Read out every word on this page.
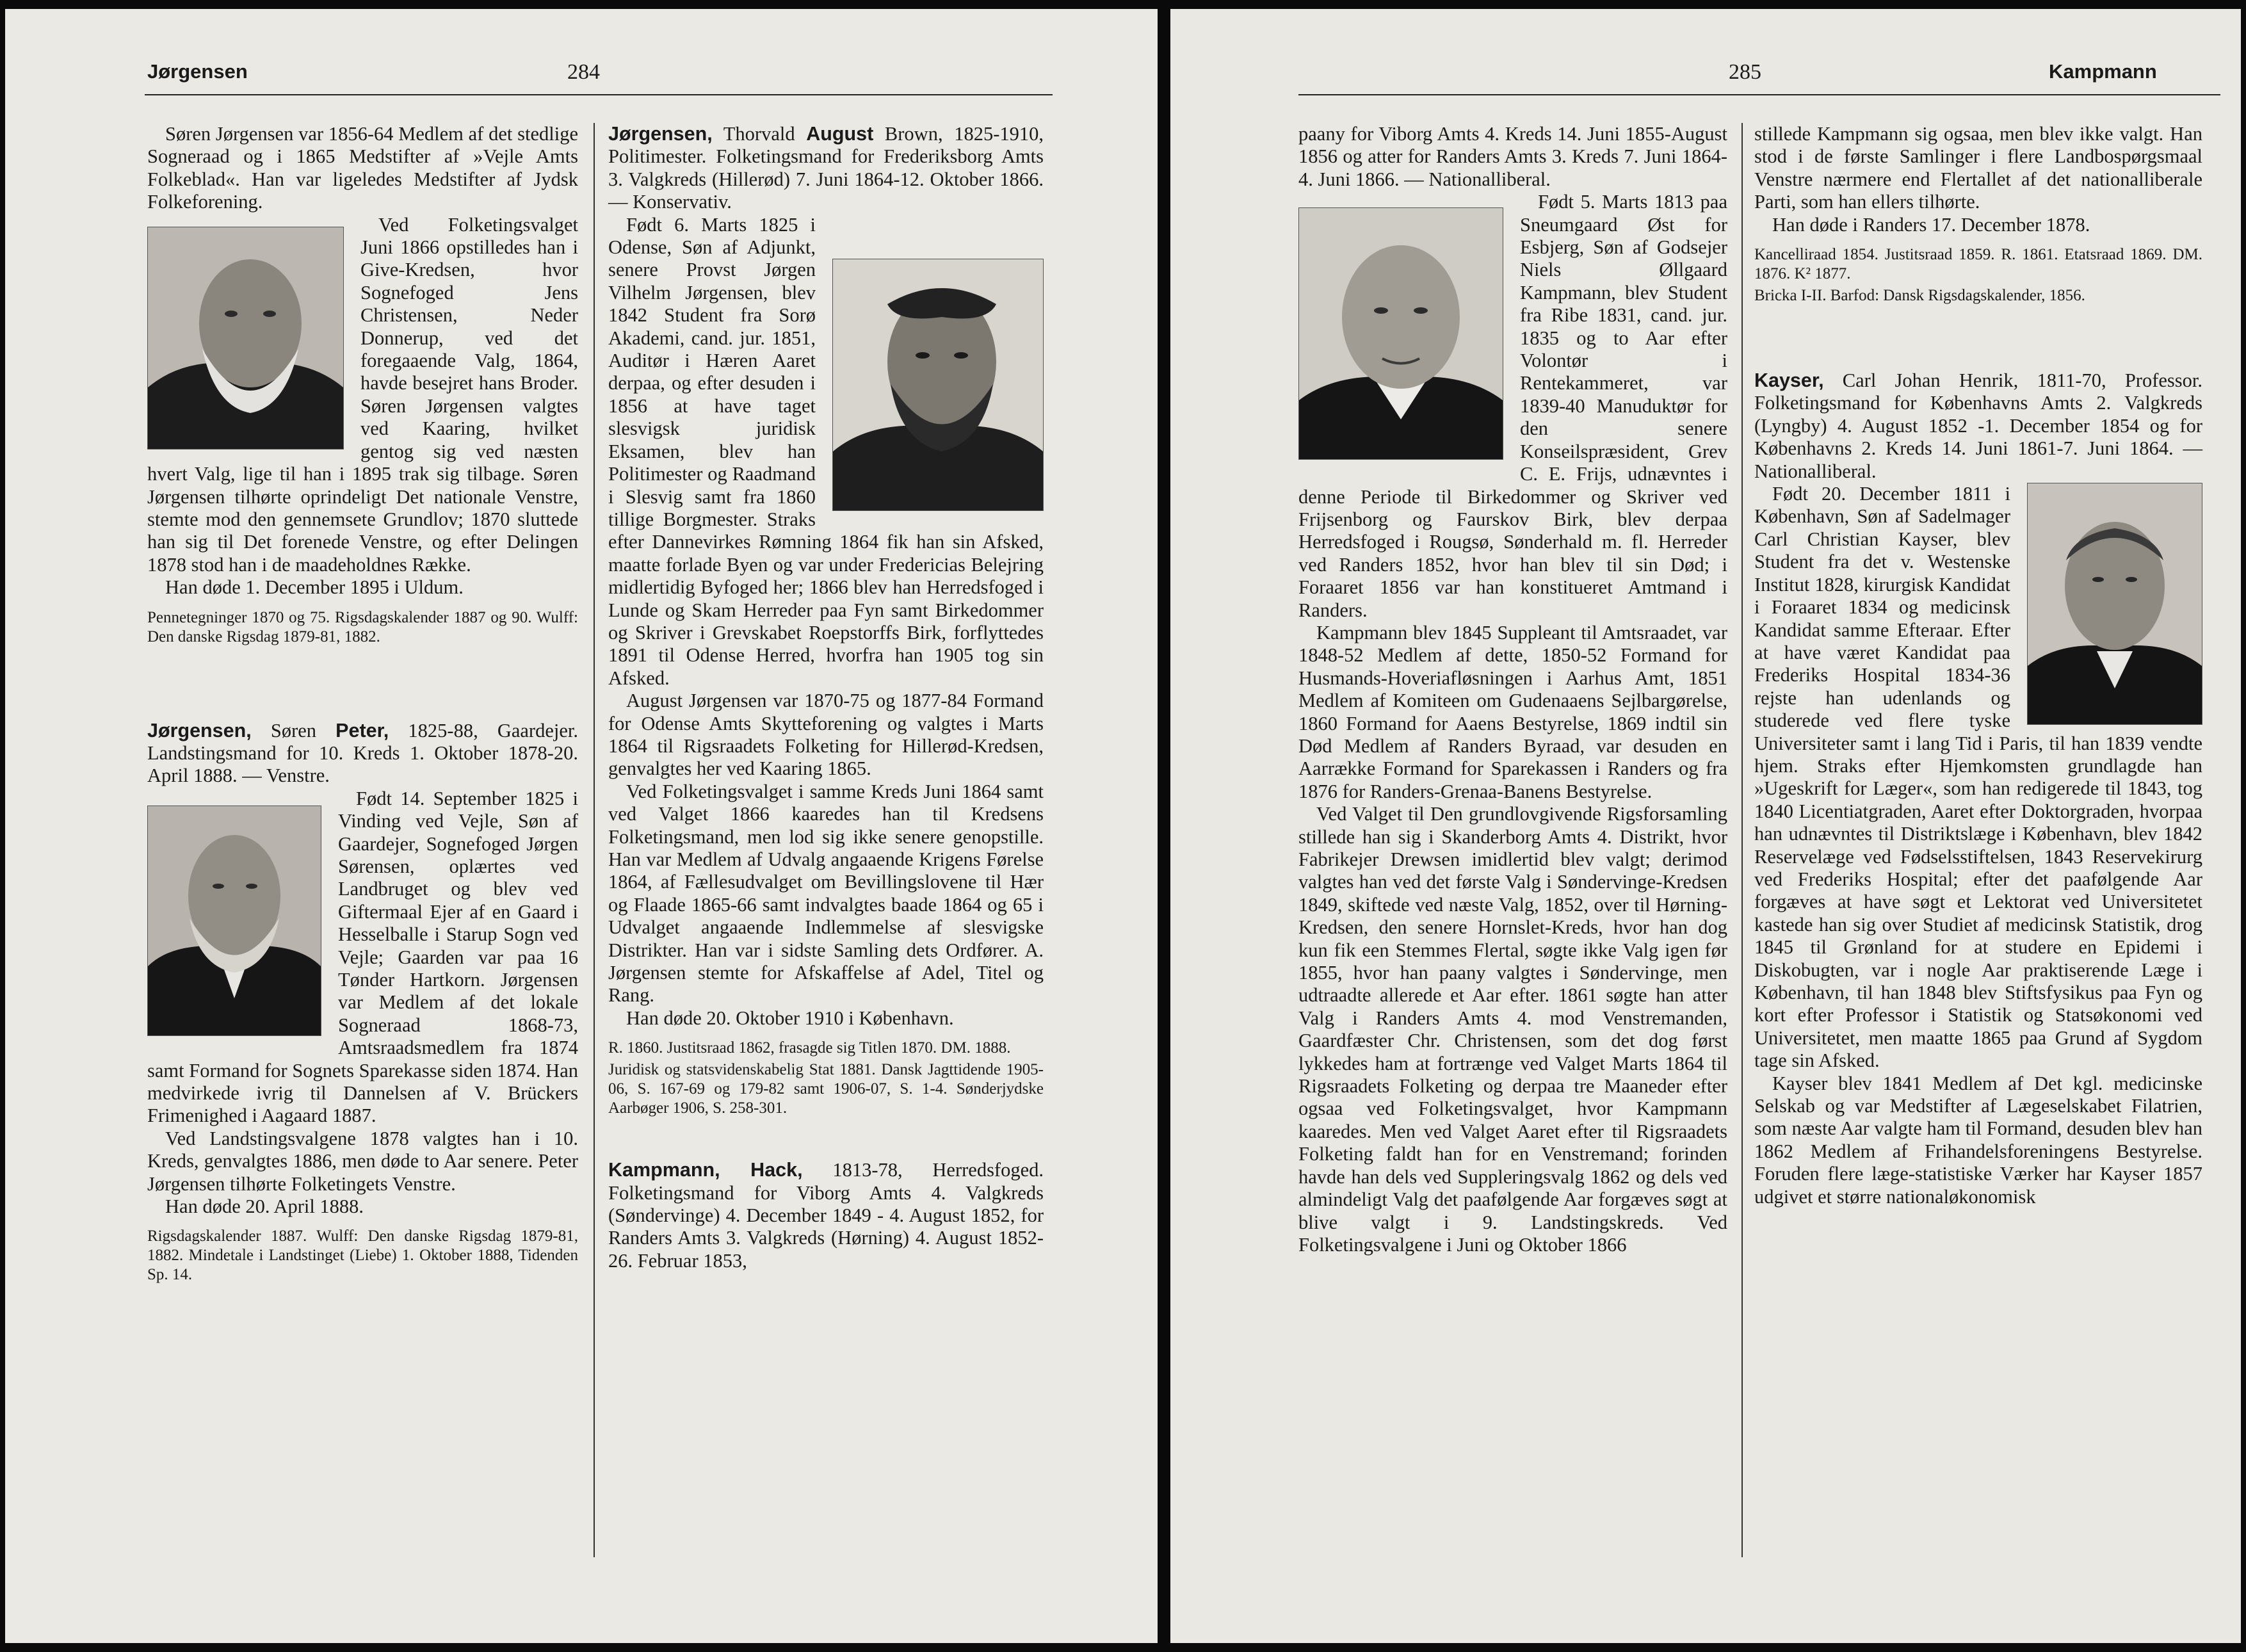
Jørgensen	284

Søren Jørgensen var 1856-64 Medlem af det stedlige Sogneraad og i 1865 Medstifter af »Vejle Amts Folkeblad«. Han var ligeledes Medstifter af Jydsk Folkeforening.

Ved Folketingsvalget Juni 1866 opstilledes han i Give-Kredsen, hvor Sognefoged Jens Christensen, Neder Donnerup, ved det foregaaende Valg, 1864, havde besejret hans Broder. Søren Jørgensen valgtes ved Kaaring, hvilket gentog sig ved næsten hvert Valg, lige til han i 1895 trak sig tilbage. Søren Jørgensen tilhørte oprindeligt Det nationale Venstre, stemte mod den gennemsete Grundlov; 1870 sluttede han sig til Det forenede Venstre, og efter Delingen 1878 stod han i de maadeholdnes Række.

Han døde 1. December 1895 i Uldum.

Pennetegninger 1870 og 75. Rigsdagskalender 1887 og 90. Wulff: Den danske Rigsdag 1879-81, 1882.

Jørgensen, Søren Peter, 1825-88, Gaardejer. Landstingsmand for 10. Kreds 1. Oktober 1878-20. April 1888. — Venstre.

Født 14. September 1825 i Vinding ved Vejle, Søn af Gaardejer, Sognefoged Jørgen Sørensen, oplærtes ved Landbruget og blev ved Giftermaal Ejer af en Gaard i Hesselballe i Starup Sogn ved Vejle; Gaarden var paa 16 Tønder Hartkorn. Jørgensen var Medlem af det lokale Sogneraad 1868-73, Amtsraadsmedlem fra 1874 samt Formand for Sognets Sparekasse siden 1874. Han medvirkede ivrig til Dannelsen af V. Brückers Frimenighed i Aagaard 1887.

Ved Landstingsvalgene 1878 valgtes han i 10. Kreds, genvalgtes 1886, men døde to Aar senere. Peter Jørgensen tilhørte Folketingets Venstre.

Han døde 20. April 1888.

Rigsdagskalender 1887. Wulff: Den danske Rigsdag 1879-81, 1882. Mindetale i Landstinget (Liebe) 1. Oktober 1888, Tidenden Sp. 14.

Jørgensen, Thorvald August Brown, 1825-1910, Politimester. Folketingsmand for Frederiksborg Amts 3. Valgkreds (Hillerød) 7. Juni 1864-12. Oktober 1866. — Konservativ.

Født 6. Marts 1825 i Odense, Søn af Adjunkt, senere Provst Jørgen Vilhelm Jørgensen, blev 1842 Student fra Sorø Akademi, cand. jur. 1851, Auditør i Hæren Aaret derpaa, og efter desuden i 1856 at have taget slesvigsk juridisk Eksamen, blev han Politimester og Raadmand i Slesvig samt fra 1860 tillige Borgmester. Straks efter Dannevirkes Rømning 1864 fik han sin Afsked, maatte forlade Byen og var under Fredericias Belejring midlertidig Byfoged her; 1866 blev han Herredsfoged i Lunde og Skam Herreder paa Fyn samt Birkedommer og Skriver i Grevskabet Roepstorffs Birk, forflyttedes 1891 til Odense Herred, hvorfra han 1905 tog sin Afsked.

August Jørgensen var 1870-75 og 1877-84 Formand for Odense Amts Skytteforening og valgtes i Marts 1864 til Rigsraadets Folketing for Hillerød-Kredsen, genvalgtes her ved Kaaring 1865.

Ved Folketingsvalget i samme Kreds Juni 1864 samt ved Valget 1866 kaaredes han til Kredsens Folketingsmand, men lod sig ikke senere genopstille. Han var Medlem af Udvalg angaaende Krigens Førelse 1864, af Fællesudvalget om Bevillingslovene til Hær og Flaade 1865-66 samt indvalgtes baade 1864 og 65 i Udvalget angaaende Indlemmelse af slesvigske Distrikter. Han var i sidste Samling dets Ordfører. A. Jørgensen stemte for Afskaffelse af Adel, Titel og Rang.

Han døde 20. Oktober 1910 i København.

R. 1860. Justitsraad 1862, frasagde sig Titlen 1870. DM. 1888.

Juridisk og statsvidenskabelig Stat 1881. Dansk Jagttidende 1905-06, S. 167-69 og 179-82 samt 1906-07, S. 1-4. Sønderjydske Aarbøger 1906, S. 258-301.

Kampmann, Hack, 1813-78, Herredsfoged. Folketingsmand for Viborg Amts 4. Valgkreds (Søndervinge) 4. December 1849 - 4. August 1852, for Randers Amts 3. Valgkreds (Hørning) 4. August 1852-26. Februar 1853,

285	Kampmann

paany for Viborg Amts 4. Kreds 14. Juni 1855-August 1856 og atter for Randers Amts 3. Kreds 7. Juni 1864-4. Juni 1866. — Nationalliberal.

Født 5. Marts 1813 paa Sneumgaard Øst for Esbjerg, Søn af Godsejer Niels Øllgaard Kampmann, blev Student fra Ribe 1831, cand. jur. 1835 og to Aar efter Volontør i Rentekammeret, var 1839-40 Manuduktør for den senere Konseilspræsident, Grev C. E. Frijs, udnævntes i denne Periode til Birkedommer og Skriver ved Frijsenborg og Faurskov Birk, blev derpaa Herredsfoged i Rougsø, Sønderhald m. fl. Herreder ved Randers 1852, hvor han blev til sin Død; i Foraaret 1856 var han konstitueret Amtmand i Randers.

Kampmann blev 1845 Suppleant til Amtsraadet, var 1848-52 Medlem af dette, 1850-52 Formand for Husmands-Hoveriafløsningen i Aarhus Amt, 1851 Medlem af Komiteen om Gudenaaens Sejlbargørelse, 1860 Formand for Aaens Bestyrelse, 1869 indtil sin Død Medlem af Randers Byraad, var desuden en Aarrække Formand for Sparekassen i Randers og fra 1876 for Randers-Grenaa-Banens Bestyrelse.

Ved Valget til Den grundlovgivende Rigsforsamling stillede han sig i Skanderborg Amts 4. Distrikt, hvor Fabrikejer Drewsen imidlertid blev valgt; derimod valgtes han ved det første Valg i Søndervinge-Kredsen 1849, skiftede ved næste Valg, 1852, over til Hørning-Kredsen, den senere Hornslet-Kreds, hvor han dog kun fik een Stemmes Flertal, søgte ikke Valg igen før 1855, hvor han paany valgtes i Søndervinge, men udtraadte allerede et Aar efter. 1861 søgte han atter Valg i Randers Amts 4. mod Venstremanden, Gaardfæster Chr. Christensen, som det dog først lykkedes ham at fortrænge ved Valget Marts 1864 til Rigsraadets Folketing og derpaa tre Maaneder efter ogsaa ved Folketingsvalget, hvor Kampmann kaaredes. Men ved Valget Aaret efter til Rigsraadets Folketing faldt han for en Venstremand; forinden havde han dels ved Suppleringsvalg 1862 og dels ved almindeligt Valg det paafølgende Aar forgæves søgt at blive valgt i 9. Landstingskreds. Ved Folketingsvalgene i Juni og Oktober 1866

stillede Kampmann sig ogsaa, men blev ikke valgt. Han stod i de første Samlinger i flere Landbospørgsmaal Venstre nærmere end Flertallet af det nationalliberale Parti, som han ellers tilhørte.

Han døde i Randers 17. December 1878.

Kancelliraad 1854. Justitsraad 1859. R. 1861. Etatsraad 1869. DM. 1876. K² 1877.

Bricka I-II. Barfod: Dansk Rigsdagskalender, 1856.

Kayser, Carl Johan Henrik, 1811-70, Professor. Folketingsmand for Københavns Amts 2. Valgkreds (Lyngby) 4. August 1852 -1. December 1854 og for Københavns 2. Kreds 14. Juni 1861-7. Juni 1864. — Nationalliberal.

Født 20. December 1811 i København, Søn af Sadelmager Carl Christian Kayser, blev Student fra det v. Westenske Institut 1828, kirurgisk Kandidat i Foraaret 1834 og medicinsk Kandidat samme Efteraar. Efter at have været Kandidat paa Frederiks Hospital 1834-36 rejste han udenlands og studerede ved flere tyske Universiteter samt i lang Tid i Paris, til han 1839 vendte hjem. Straks efter Hjemkomsten grundlagde han »Ugeskrift for Læger«, som han redigerede til 1843, tog 1840 Licentiatgraden, Aaret efter Doktorgraden, hvorpaa han udnævntes til Distriktslæge i København, blev 1842 Reservelæge ved Fødselsstiftelsen, 1843 Reservekirurg ved Frederiks Hospital; efter det paafølgende Aar forgæves at have søgt et Lektorat ved Universitetet kastede han sig over Studiet af medicinsk Statistik, drog 1845 til Grønland for at studere en Epidemi i Diskobugten, var i nogle Aar praktiserende Læge i København, til han 1848 blev Stiftsfysikus paa Fyn og kort efter Professor i Statistik og Statsøkonomi ved Universitetet, men maatte 1865 paa Grund af Sygdom tage sin Afsked.

Kayser blev 1841 Medlem af Det kgl. medicinske Selskab og var Medstifter af Lægeselskabet Filatrien, som næste Aar valgte ham til Formand, desuden blev han 1862 Medlem af Frihandelsforeningens Bestyrelse. Foruden flere læge-statistiske Værker har Kayser 1857 udgivet et større nationaløkonomisk
